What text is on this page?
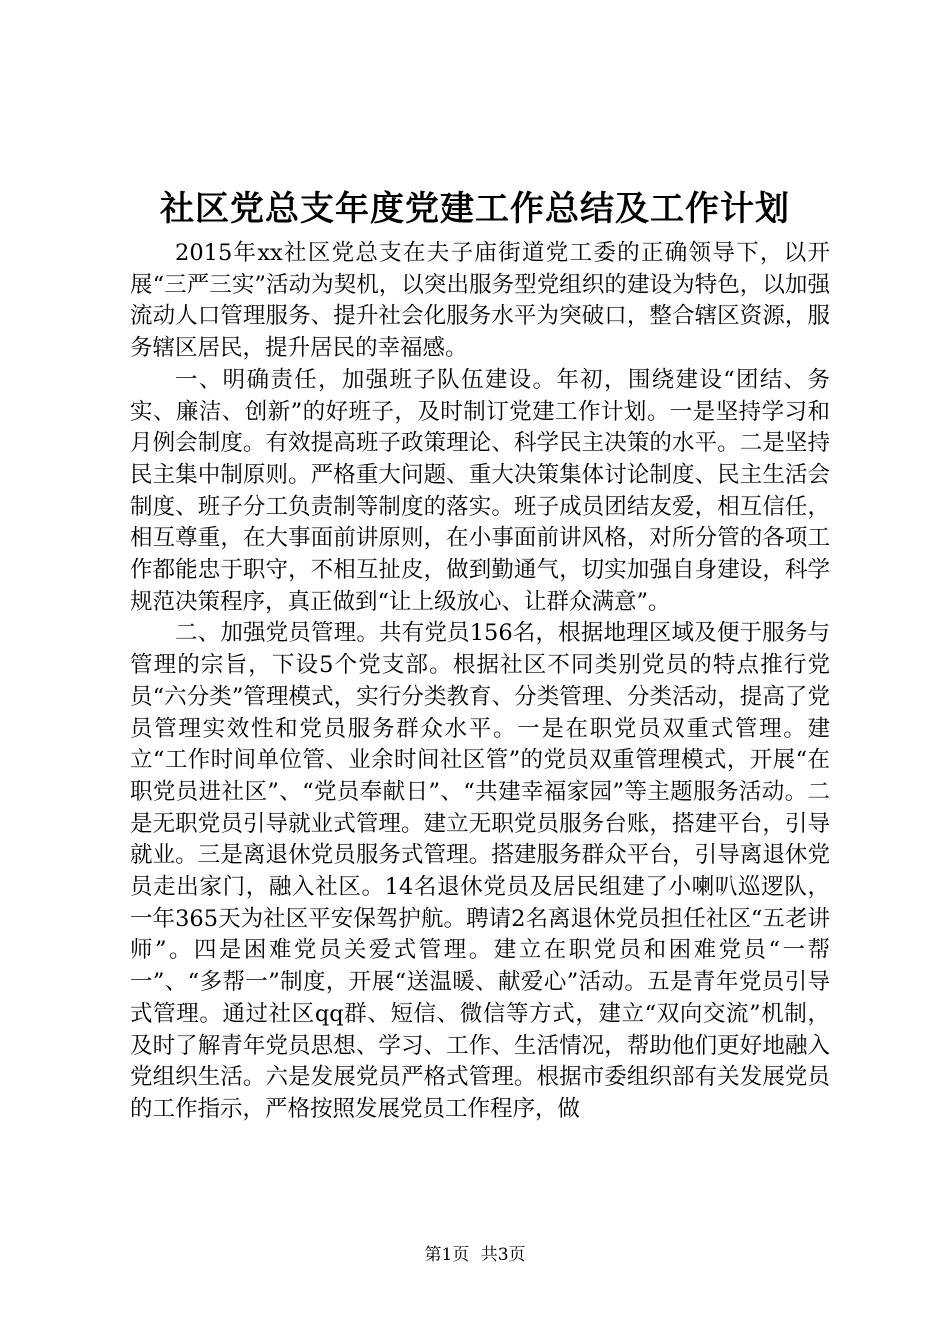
社区党总支年度党建工作总结及工作计划

2015年xx社区党总支在夫子庙街道党工委的正确领导下，以开展“三严三实”活动为契机，以突出服务型党组织的建设为特色，以加强流动人口管理服务、提升社会化服务水平为突破口，整合辖区资源，服务辖区居民，提升居民的幸福感。

一、明确责任，加强班子队伍建设。年初，围绕建设“团结、务实、廉洁、创新”的好班子，及时制订党建工作计划。一是坚持学习和月例会制度。有效提高班子政策理论、科学民主决策的水平。二是坚持民主集中制原则。严格重大问题、重大决策集体讨论制度、民主生活会制度、班子分工负责制等制度的落实。班子成员团结友爱，相互信任，相互尊重，在大事面前讲原则，在小事面前讲风格，对所分管的各项工作都能忠于职守，不相互扯皮，做到勤通气，切实加强自身建设，科学规范决策程序，真正做到“让上级放心、让群众满意”。

二、加强党员管理。共有党员156名，根据地理区域及便于服务与管理的宗旨，下设5个党支部。根据社区不同类别党员的特点推行党员“六分类”管理模式，实行分类教育、分类管理、分类活动，提高了党员管理实效性和党员服务群众水平。一是在职党员双重式管理。建立“工作时间单位管、业余时间社区管”的党员双重管理模式，开展“在职党员进社区”、“党员奉献日”、“共建幸福家园”等主题服务活动。二是无职党员引导就业式管理。建立无职党员服务台账，搭建平台，引导就业。三是离退休党员服务式管理。搭建服务群众平台，引导离退休党员走出家门，融入社区。14名退休党员及居民组建了小喇叭巡逻队，一年365天为社区平安保驾护航。聘请2名离退休党员担任社区“五老讲师”。四是困难党员关爱式管理。建立在职党员和困难党员“一帮一”、“多帮一”制度，开展“送温暖、献爱心”活动。五是青年党员引导式管理。通过社区qq群、短信、微信等方式，建立“双向交流”机制，及时了解青年党员思想、学习、工作、生活情况，帮助他们更好地融入党组织生活。六是发展党员严格式管理。根据市委组织部有关发展党员的工作指示，严格按照发展党员工作程序，做

第1页 共3页
